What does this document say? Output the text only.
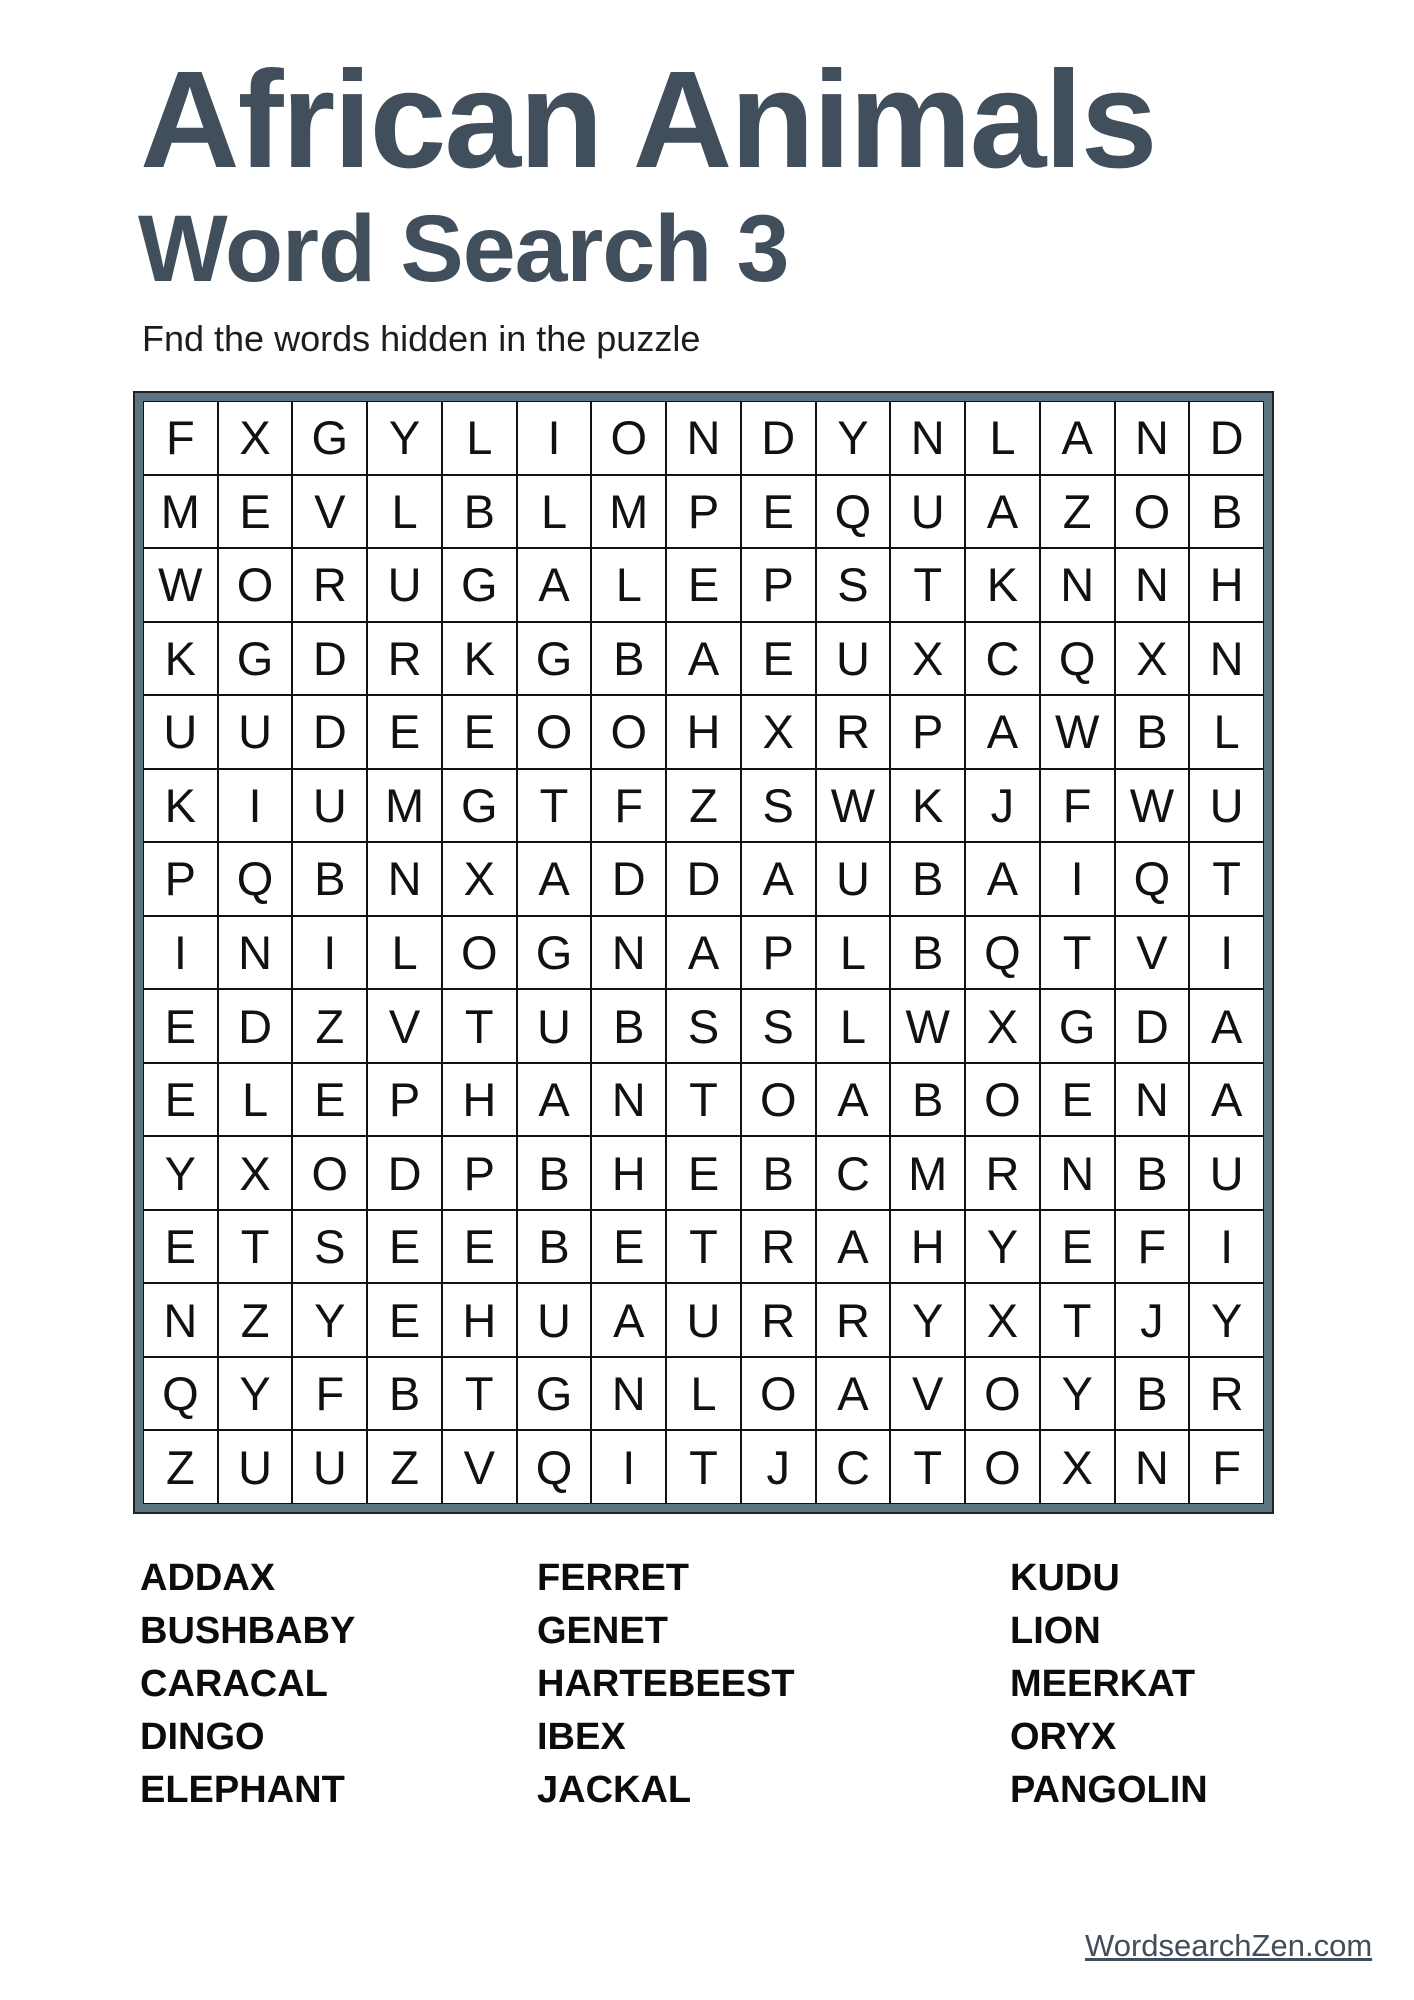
African Animals
Word Search 3

Fnd the words hidden in the puzzle

F X G Y L	I	O N D Y N L A N D
M E V L B L M P E Q U A Z O B
W O R U G A L E P S T K N N H
K G D R K G B A E U X C Q X N
U U D E E O O H X R P A W B L
K	I	U M G T F Z S W K	J	F W U
P Q B N X A D D A U B A	I	Q T
I	N	I	L O G N A P L B Q T V	I
E D Z V T U B S S L W X G D A
E L E P H A N T O A B O E N A
Y X O D P B H E B C M R N B U
E T S E E B E T R A H Y E F	I
N Z Y E H U A U R R Y X T	J	Y
Q Y F B T G N L O A V O Y B R
Z U U Z V Q	I	T	J C T O X N F
ADDAX
BUSHBABY
CARACAL
DINGO
ELEPHANT
FERRET
GENET
HARTEBEEST
IBEX
JACKAL
KUDU
LION
MEERKAT
ORYX
PANGOLIN
WordsearchZen.com
